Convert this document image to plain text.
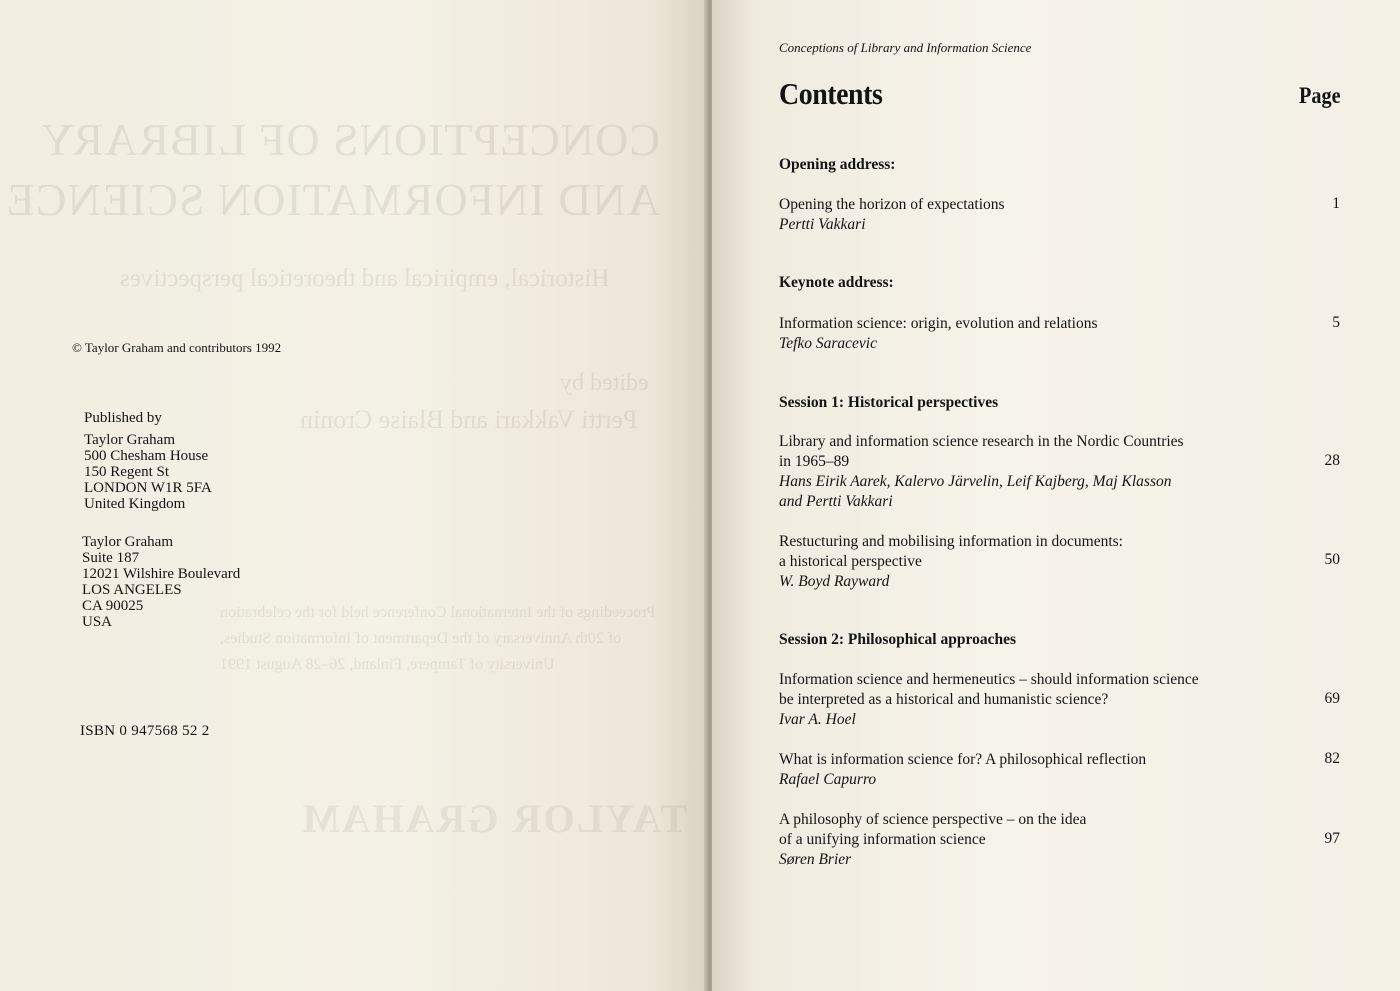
CONCEPTIONS OF LIBRARY
AND INFORMATION SCIENCE
Historical, empirical and theoretical perspectives
edited by
Pertti Vakkari and Blaise Cronin
Proceedings of the International Conference held for the celebration
of 20th Anniversary of the Department of Information Studies,
University of Tampere, Finland, 26–28 August 1991
TAYLOR GRAHAM
© Taylor Graham and contributors 1992
Published by
Taylor Graham
500 Chesham House
150 Regent St
LONDON W1R 5FA
United Kingdom
Taylor Graham
Suite 187
12021 Wilshire Boulevard
LOS ANGELES
CA 90025
USA
ISBN 0 947568 52 2
Conceptions of Library and Information Science
Contents	Page
Opening address:
Opening the horizon of expectations
Pertti Vakkari
1
Keynote address:
Information science: origin, evolution and relations
Tefko Saracevic
5
Session 1: Historical perspectives
Library and information science research in the Nordic Countries
in 1965–89
Hans Eirik Aarek, Kalervo Järvelin, Leif Kajberg, Maj Klasson
and Pertti Vakkari
28
Restucturing and mobilising information in documents:
a historical perspective
W. Boyd Rayward
50
Session 2: Philosophical approaches
Information science and hermeneutics – should information science
be interpreted as a historical and humanistic science?
Ivar A. Hoel
69
What is information science for? A philosophical reflection
Rafael Capurro
82
A philosophy of science perspective – on the idea
of a unifying information science
Søren Brier
97
